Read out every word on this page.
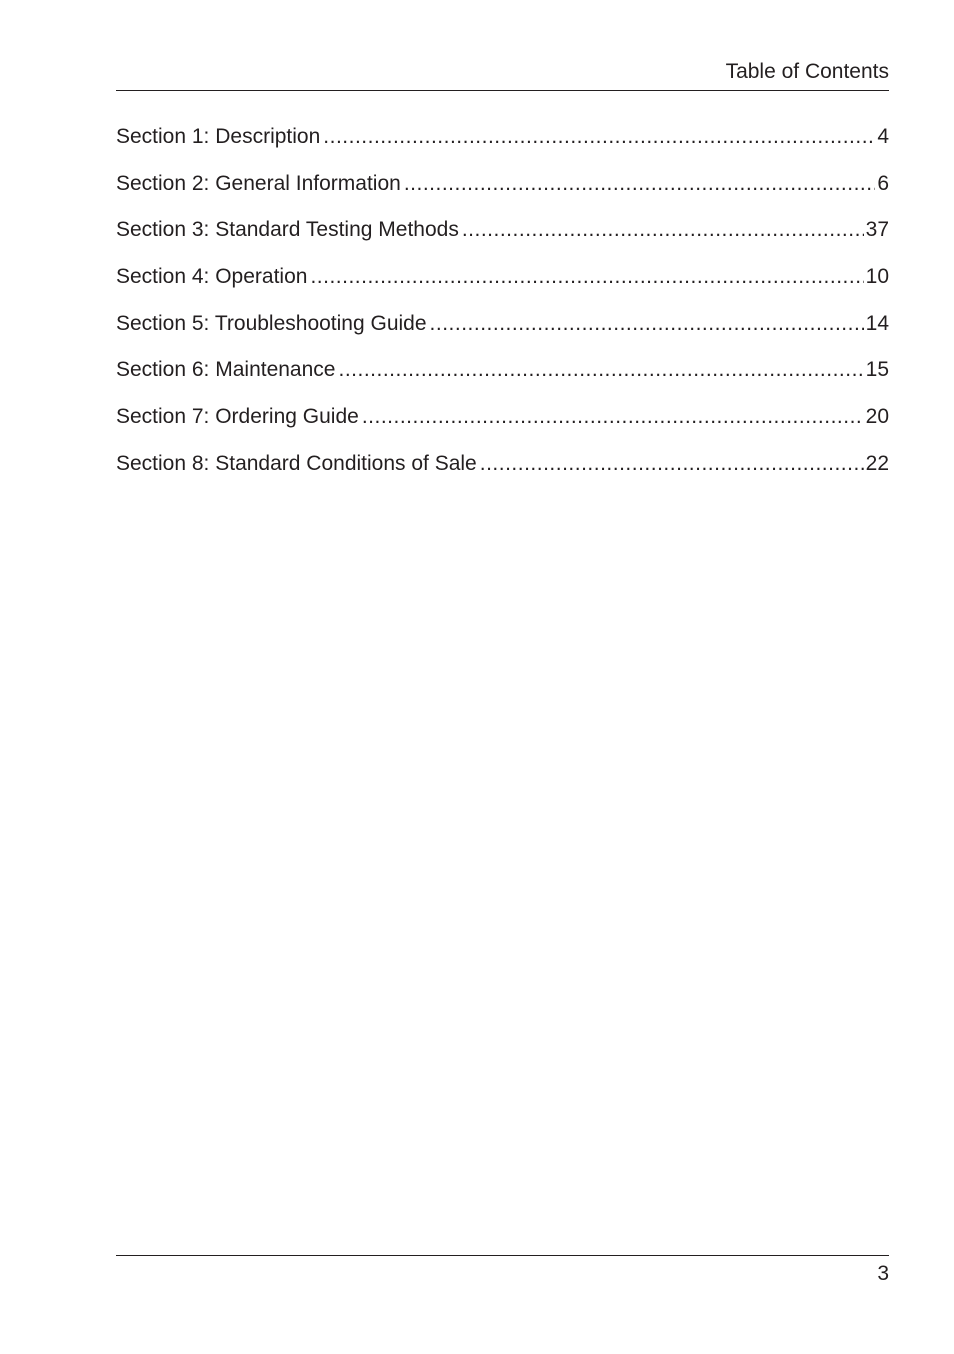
Table of Contents
Section 1: Description .....	4
Section 2: General Information .....	6
Section 3: Standard Testing Methods .....	37
Section 4: Operation .....	10
Section 5: Troubleshooting Guide .....	14
Section 6: Maintenance .....	15
Section 7: Ordering Guide .....	20
Section 8: Standard Conditions of Sale .....	22
3
